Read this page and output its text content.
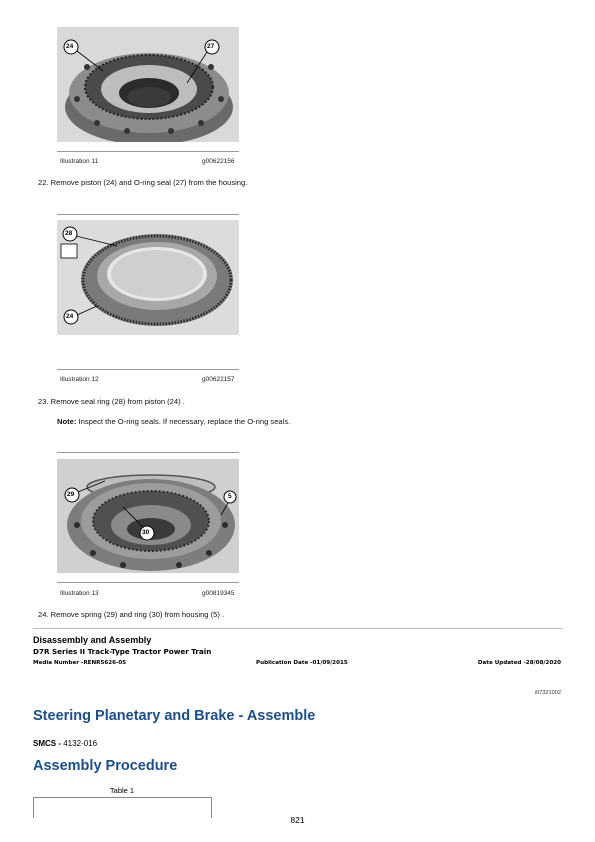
24	27
Illustration 11	g00622156
22. Remove piston (24) and O-ring seal (27) from the housing.
28
24
Illustration 12	g00622157
23. Remove seal ring (28) from piston (24) .
Note: Inspect the O-ring seals. If necessary, replace the O-ring seals.
29
30
5
Illustration 13	g00819345
24. Remove spring (29) and ring (30) from housing (5) .
Disassembly and Assembly
D7R Series II Track-Type Tractor Power Train
Media Number -RENR5626-05	Publication Date -01/09/2015	Date Updated -28/08/2020
i07321002
Steering Planetary and Brake - Assemble
SMCS - 4132-016
Assembly Procedure
Table 1
821
